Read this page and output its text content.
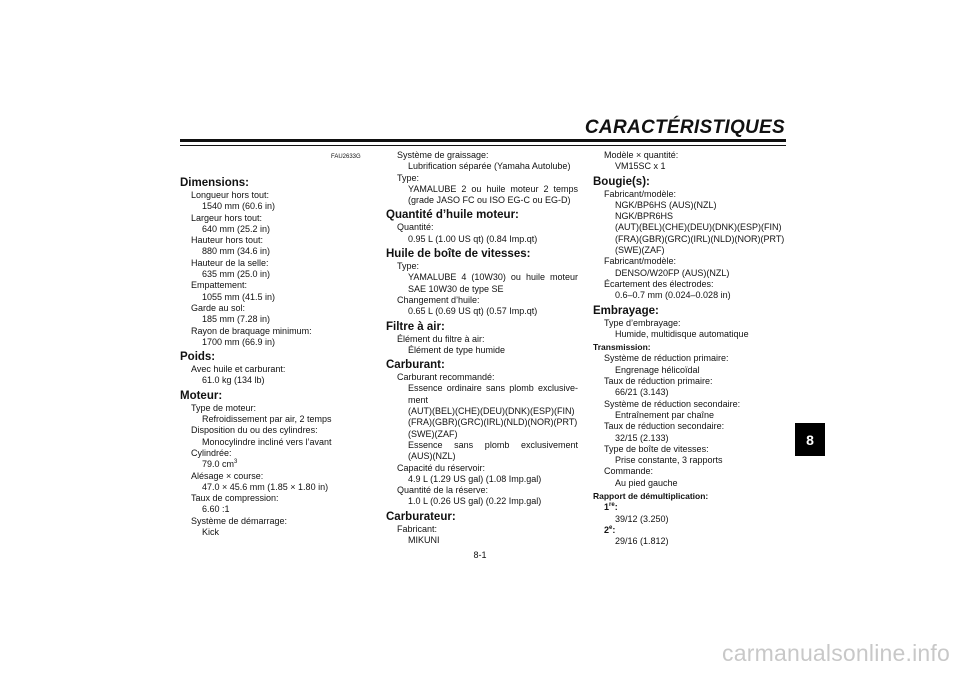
CARACTÉRISTIQUES
FAU2633G
Dimensions:
Longueur hors tout:
1540 mm (60.6 in)
Largeur hors tout:
640 mm (25.2 in)
Hauteur hors tout:
880 mm (34.6 in)
Hauteur de la selle:
635 mm (25.0 in)
Empattement:
1055 mm (41.5 in)
Garde au sol:
185 mm (7.28 in)
Rayon de braquage minimum:
1700 mm (66.9 in)
Poids:
Avec huile et carburant:
61.0 kg (134 lb)
Moteur:
Type de moteur:
Refroidissement par air, 2 temps
Disposition du ou des cylindres:
Monocylindre incliné vers l’avant
Cylindrée:
79.0 $cm^3$
Alésage × course:
47.0 × 45.6 mm (1.85 × 1.80 in)
Taux de compression:
6.60 :1
Système de démarrage:
Kick
Système de graissage:
Lubrification séparée (Yamaha Autolube)
Type:
YAMALUBE 2 ou huile moteur 2 temps
(grade JASO FC ou ISO EG-C ou EG-D)
Quantité d’huile moteur:
Quantité:
0.95 L (1.00 US qt) (0.84 Imp.qt)
Huile de boîte de vitesses:
Type:
YAMALUBE 4 (10W30) ou huile moteur
SAE 10W30 de type SE
Changement d’huile:
0.65 L (0.69 US qt) (0.57 Imp.qt)
Filtre à air:
Élément du filtre à air:
Élément de type humide
Carburant:
Carburant recommandé:
Essence ordinaire sans plomb exclusive-
ment
(AUT)(BEL)(CHE)(DEU)(DNK)(ESP)(FIN)
(FRA)(GBR)(GRC)(IRL)(NLD)(NOR)(PRT)
(SWE)(ZAF)
Essence sans plomb exclusivement
(AUS)(NZL)
Capacité du réservoir:
4.9 L (1.29 US gal) (1.08 Imp.gal)
Quantité de la réserve:
1.0 L (0.26 US gal) (0.22 Imp.gal)
Carburateur:
Fabricant:
MIKUNI
Modèle × quantité:
VM15SC x 1
Bougie(s):
Fabricant/modèle:
NGK/BP6HS (AUS)(NZL)
NGK/BPR6HS
(AUT)(BEL)(CHE)(DEU)(DNK)(ESP)(FIN)
(FRA)(GBR)(GRC)(IRL)(NLD)(NOR)(PRT)
(SWE)(ZAF)
Fabricant/modèle:
DENSO/W20FP (AUS)(NZL)
Écartement des électrodes:
0.6–0.7 mm (0.024–0.028 in)
Embrayage:
Type d’embrayage:
Humide, multidisque automatique
Transmission:
Système de réduction primaire:
Engrenage hélicoïdal
Taux de réduction primaire:
66/21 (3.143)
Système de réduction secondaire:
Entraînement par chaîne
Taux de réduction secondaire:
32/15 (2.133)
Type de boîte de vitesses:
Prise constante, 3 rapports
Commande:
Au pied gauche
Rapport de démultiplication:
1re:
39/12 (3.250)
2e:
29/16 (1.812)
8
8-1
carmanualsonline.info
